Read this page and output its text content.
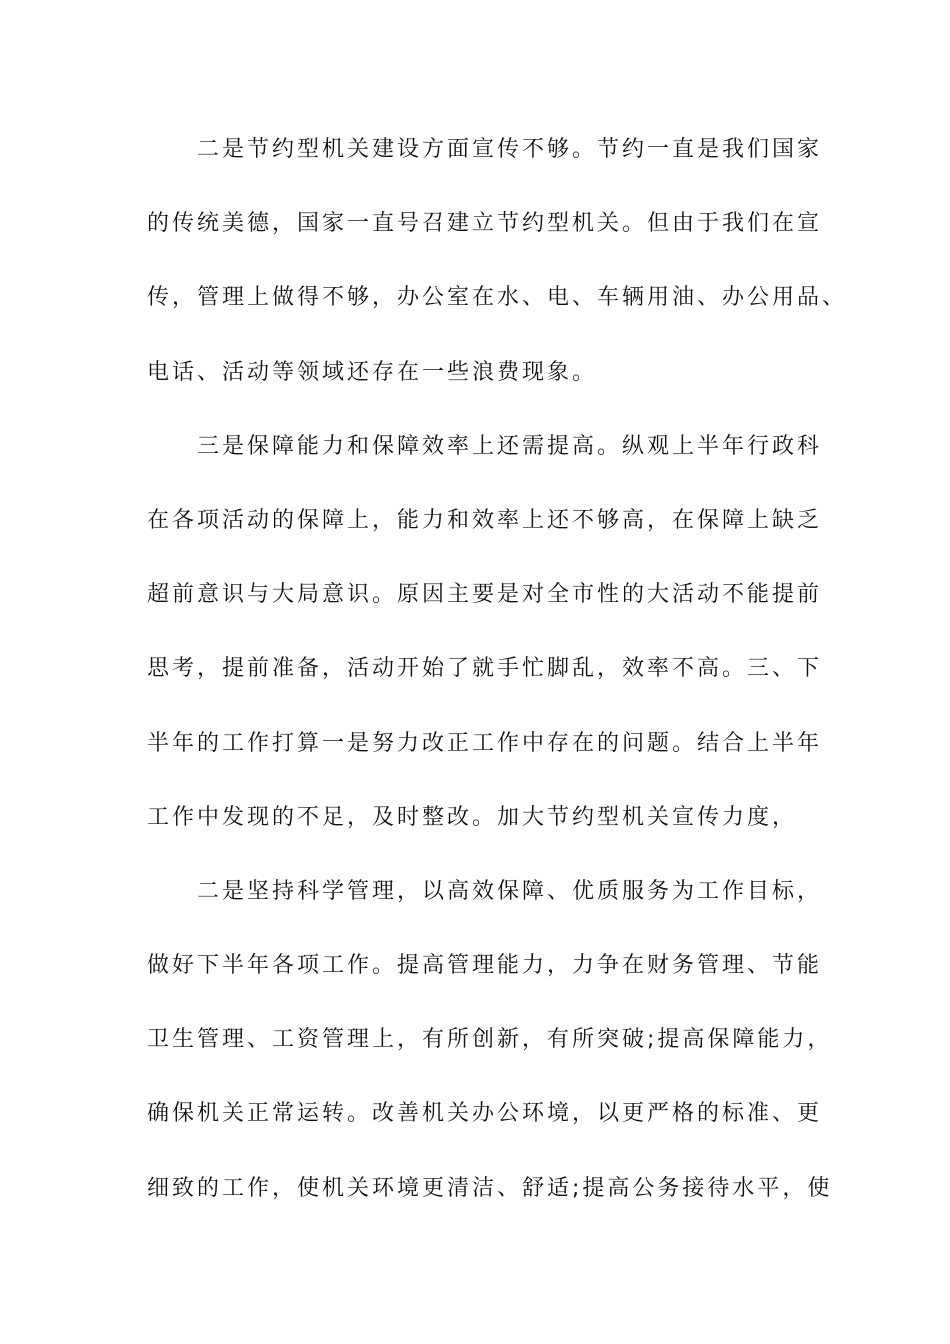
二是节约型机关建设方面宣传不够。节约一直是我们国家
的传统美德，国家一直号召建立节约型机关。但由于我们在宣
传，管理上做得不够，办公室在水、电、车辆用油、办公用品、
电话、活动等领域还存在一些浪费现象。
三是保障能力和保障效率上还需提高。纵观上半年行政科
在各项活动的保障上，能力和效率上还不够高，在保障上缺乏
超前意识与大局意识。原因主要是对全市性的大活动不能提前
思考，提前准备，活动开始了就手忙脚乱，效率不高。三、下
半年的工作打算一是努力改正工作中存在的问题。结合上半年
工作中发现的不足，及时整改。加大节约型机关宣传力度，
二是坚持科学管理，以高效保障、优质服务为工作目标，
做好下半年各项工作。提高管理能力，力争在财务管理、节能
卫生管理、工资管理上，有所创新，有所突破;提高保障能力，
确保机关正常运转。改善机关办公环境，以更严格的标准、更
细致的工作，使机关环境更清洁、舒适;提高公务接待水平，使
